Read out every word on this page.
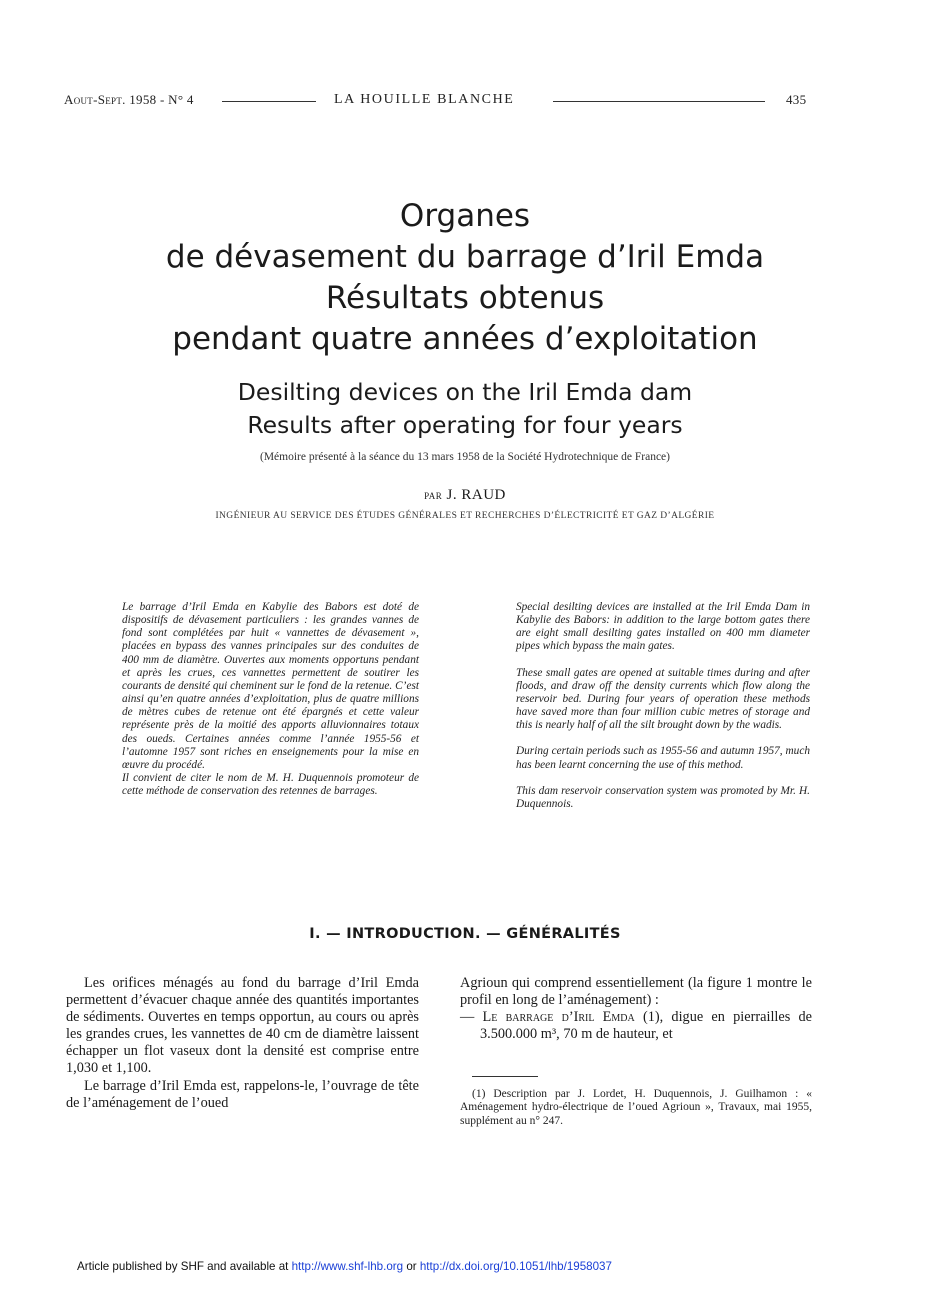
Aout-Sept. 1958 - N° 4	LA HOUILLE BLANCHE	435
Organes
de dévasement du barrage d’Iril Emda
Résultats obtenus
pendant quatre années d’exploitation
Desilting devices on the Iril Emda dam
Results after operating for four years
(Mémoire présenté à la séance du 13 mars 1958 de la Société Hydrotechnique de France)
par J. RAUD
INGÉNIEUR AU SERVICE DES ÉTUDES GÉNÉRALES ET RECHERCHES D’ÉLECTRICITÉ ET GAZ D’ALGÉRIE

Le barrage d’Iril Emda en Kabylie des Babors est doté de dispositifs de dévasement particuliers : les grandes vannes de fond sont complétées par huit « vannettes de dévasement », placées en bypass des vannes principales sur des conduites de 400 mm de diamètre. Ouvertes aux moments opportuns pendant et après les crues, ces vannettes permettent de soutirer les courants de densité qui cheminent sur le fond de la retenue. C’est ainsi qu’en quatre années d’exploitation, plus de quatre millions de mètres cubes de retenue ont été épargnés et cette valeur représente près de la moitié des apports alluvionnaires totaux des oueds. Certaines années comme l’année 1955-56 et l’automne 1957 sont riches en enseignements pour la mise en œuvre du procédé.

Il convient de citer le nom de M. H. Duquennois promoteur de cette méthode de conservation des retennes de barrages.

Special desilting devices are installed at the Iril Emda Dam in Kabylie des Babors: in addition to the large bottom gates there are eight small desilting gates installed on 400 mm diameter pipes which bypass the main gates.

These small gates are opened at suitable times during and after floods, and draw off the density currents which flow along the reservoir bed. During four years of operation these methods have saved more than four million cubic metres of storage and this is nearly half of all the silt brought down by the wadis.

During certain periods such as 1955-56 and autumn 1957, much has been learnt concerning the use of this method.

This dam reservoir conservation system was promoted by Mr. H. Duquennois.

I. — INTRODUCTION. — GÉNÉRALITÉS

Les orifices ménagés au fond du barrage d’Iril Emda permettent d’évacuer chaque année des quantités importantes de sédiments. Ouvertes en temps opportun, au cours ou après les grandes crues, les vannettes de 40 cm de diamètre laissent échapper un flot vaseux dont la densité est comprise entre 1,030 et 1,100.

Le barrage d’Iril Emda est, rappelons-le, l’ouvrage de tête de l’aménagement de l’oued

Agrioun qui comprend essentiellement (la figure 1 montre le profil en long de l’aménagement) :

— Le barrage d’Iril Emda (1), digue en pierrailles de 3.500.000 m³, 70 m de hauteur, et

(1) Description par J. Lordet, H. Duquennois, J. Guilhamon : « Aménagement hydro-électrique de l’oued Agrioun », Travaux, mai 1955, supplément au n° 247.

Article published by SHF and available at http://www.shf-lhb.org or http://dx.doi.org/10.1051/lhb/1958037
